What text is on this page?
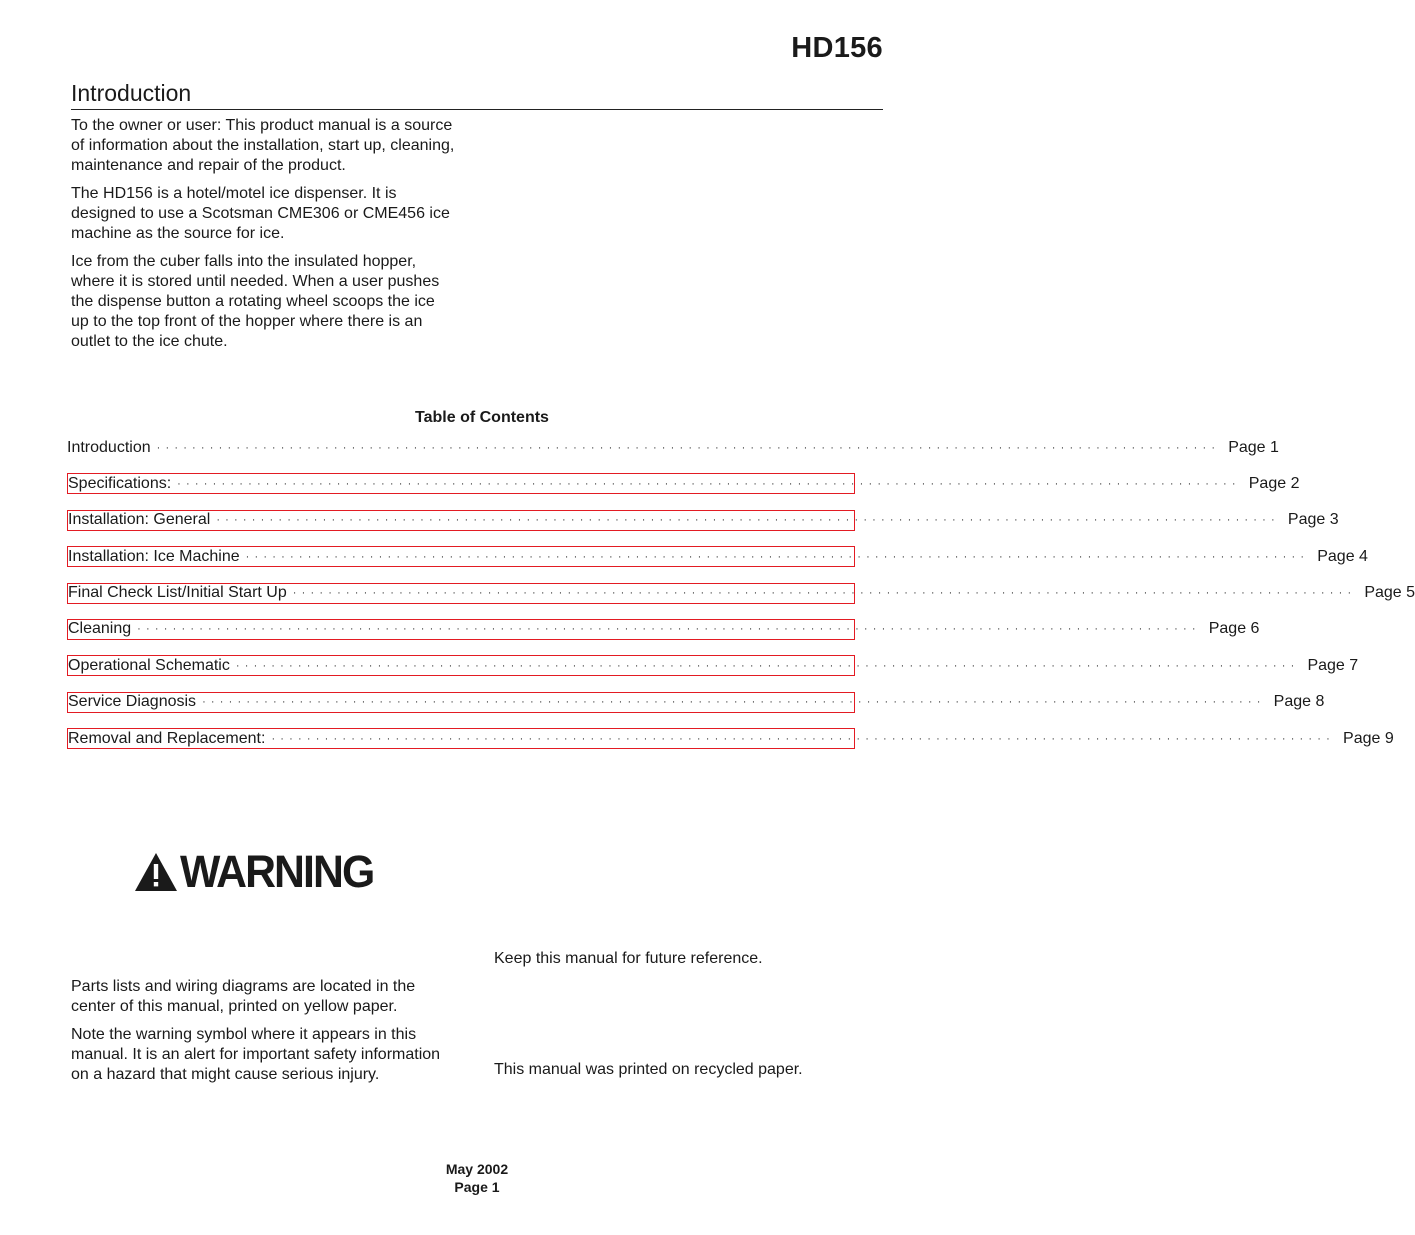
HD156
Introduction

To the owner or user: This product manual is a source of information about the installation, start up, cleaning, maintenance and repair of the product.

The HD156 is a hotel/motel ice dispenser. It is designed to use a Scotsman CME306 or CME456 ice machine as the source for ice.

Ice from the cuber falls into the insulated hopper, where it is stored until needed. When a user pushes the dispense button a rotating wheel scoops the ice up to the top front of the hopper where there is an outlet to the ice chute.

Table of Contents
Introduction ························································································································ Page 1
Specifications: ························································································································ Page 2
Installation: General ························································································································ Page 3
Installation: Ice Machine ························································································································ Page 4
Final Check List/Initial Start Up ························································································································ Page 5
Cleaning ························································································································ Page 6
Operational Schematic ························································································································ Page 7
Service Diagnosis ························································································································ Page 8
Removal and Replacement: ························································································································ Page 9
WARNING

Parts lists and wiring diagrams are located in the center of this manual, printed on yellow paper.

Note the warning symbol where it appears in this manual. It is an alert for important safety information on a hazard that might cause serious injury.

Keep this manual for future reference.
This manual was printed on recycled paper.
May 2002
Page 1
